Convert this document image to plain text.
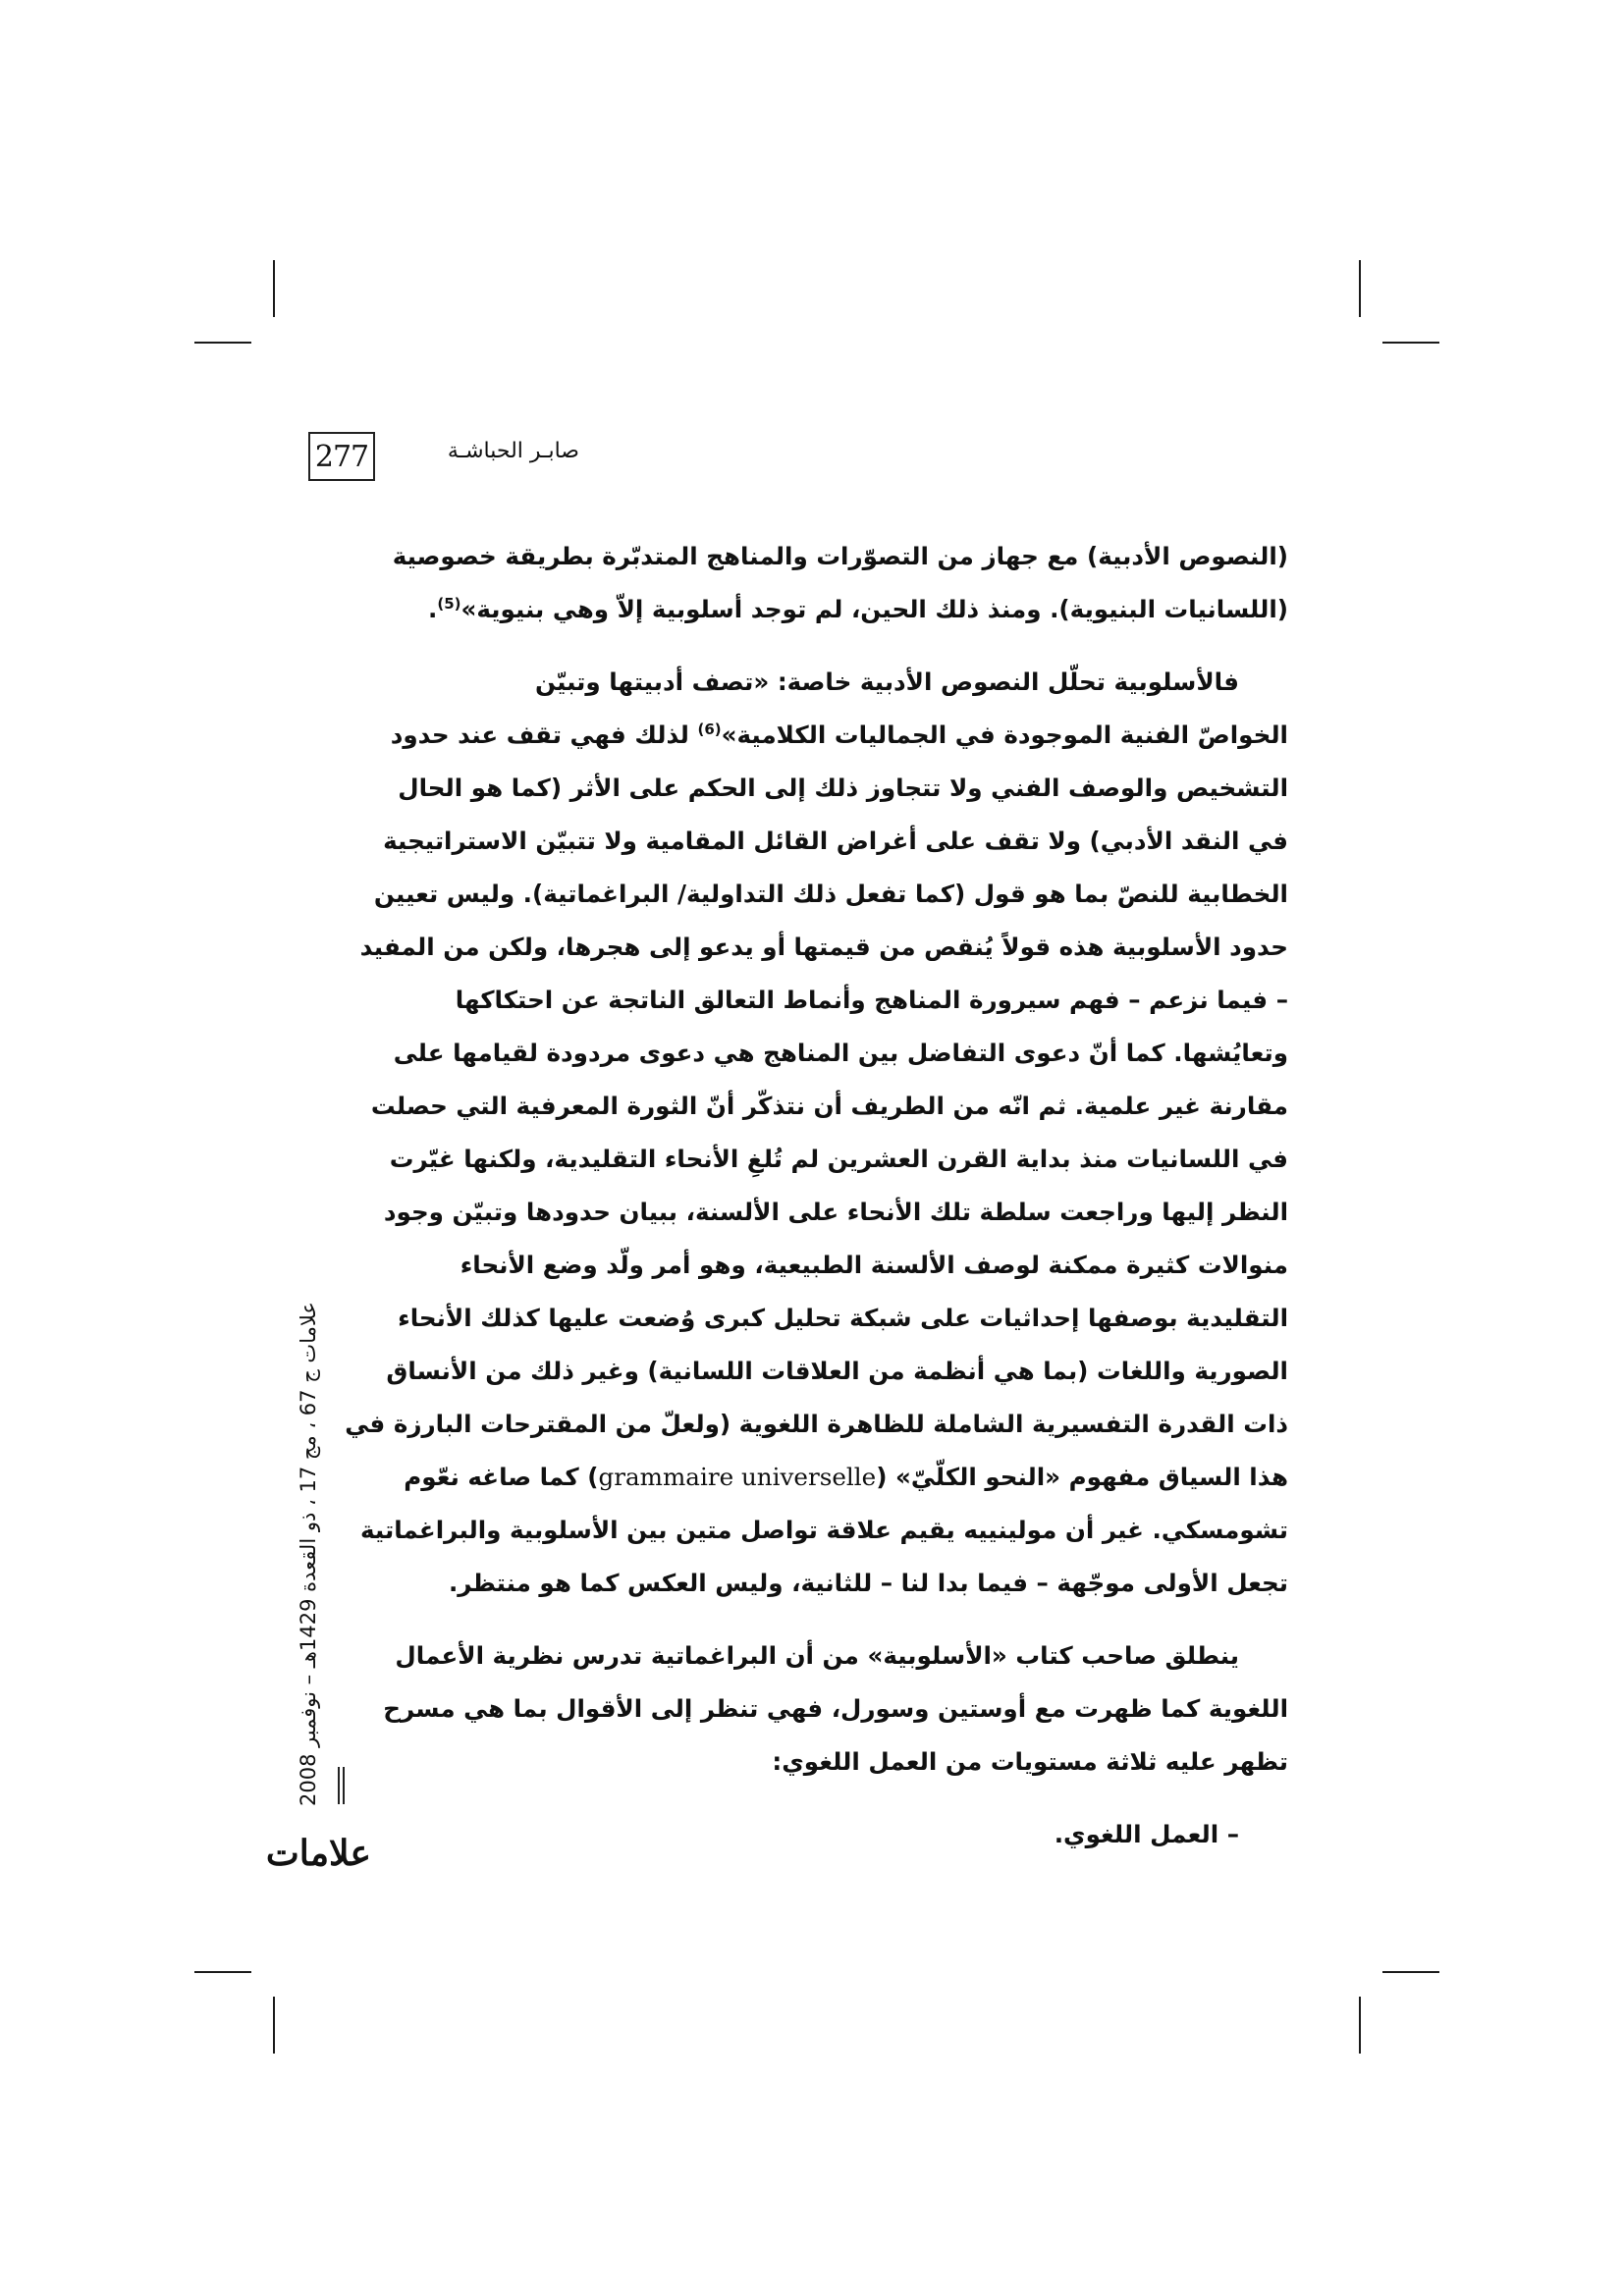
277	صابـر الحباشـة

(النصوص الأدبية) مع جهاز من التصوّرات والمناهج المتدبّرة بطريقة خصوصية
(اللسانيات البنيوية). ومنذ ذلك الحين، لم توجد أسلوبية إلاّ وهي بنيوية»$^{(5)}$.

فالأسلوبية تحلّل النصوص الأدبية خاصة: «تصف أدبيتها وتبيّن
الخواصّ الفنية الموجودة في الجماليات الكلامية»$^{(6)}$ لذلك فهي تقف عند حدود
التشخيص والوصف الفني ولا تتجاوز ذلك إلى الحكم على الأثر (كما هو الحال
في النقد الأدبي) ولا تقف على أغراض القائل المقامية ولا تتبيّن الاستراتيجية
الخطابية للنصّ بما هو قول (كما تفعل ذلك التداولية/ البراغماتية). وليس تعيين
حدود الأسلوبية هذه قولاً يُنقص من قيمتها أو يدعو إلى هجرها، ولكن من المفيد
– فيما نزعم – فهم سيرورة المناهج وأنماط التعالق الناتجة عن احتكاكها
وتعايُشها. كما أنّ دعوى التفاضل بين المناهج هي دعوى مردودة لقيامها على
مقارنة غير علمية. ثم انّه من الطريف أن نتذكّر أنّ الثورة المعرفية التي حصلت
في اللسانيات منذ بداية القرن العشرين لم تُلغِ الأنحاء التقليدية، ولكنها غيّرت
النظر إليها وراجعت سلطة تلك الأنحاء على الألسنة، ببيان حدودها وتبيّن وجود
منوالات كثيرة ممكنة لوصف الألسنة الطبيعية، وهو أمر ولّد وضع الأنحاء
التقليدية بوصفها إحداثيات على شبكة تحليل كبرى وُضعت عليها كذلك الأنحاء
الصورية واللغات (بما هي أنظمة من العلاقات اللسانية) وغير ذلك من الأنساق
ذات القدرة التفسيرية الشاملة للظاهرة اللغوية (ولعلّ من المقترحات البارزة في
هذا السياق مفهوم «النحو الكلّيّ» (grammaire universelle) كما صاغه نعّوم
تشومسكي. غير أن مولينييه يقيم علاقة تواصل متين بين الأسلوبية والبراغماتية
تجعل الأولى موجّهة – فيما بدا لنا – للثانية، وليس العكس كما هو منتظر.

ينطلق صاحب كتاب «الأسلوبية» من أن البراغماتية تدرس نظرية الأعمال
اللغوية كما ظهرت مع أوستين وسورل، فهي تنظر إلى الأقوال بما هي مسرح
تظهر عليه ثلاثة مستويات من العمل اللغوي:

– العمل اللغوي.

علامات ج 67 ، مج 17 ، ذو القعدة 1429هـ – نوفمبر 2008
علامات
